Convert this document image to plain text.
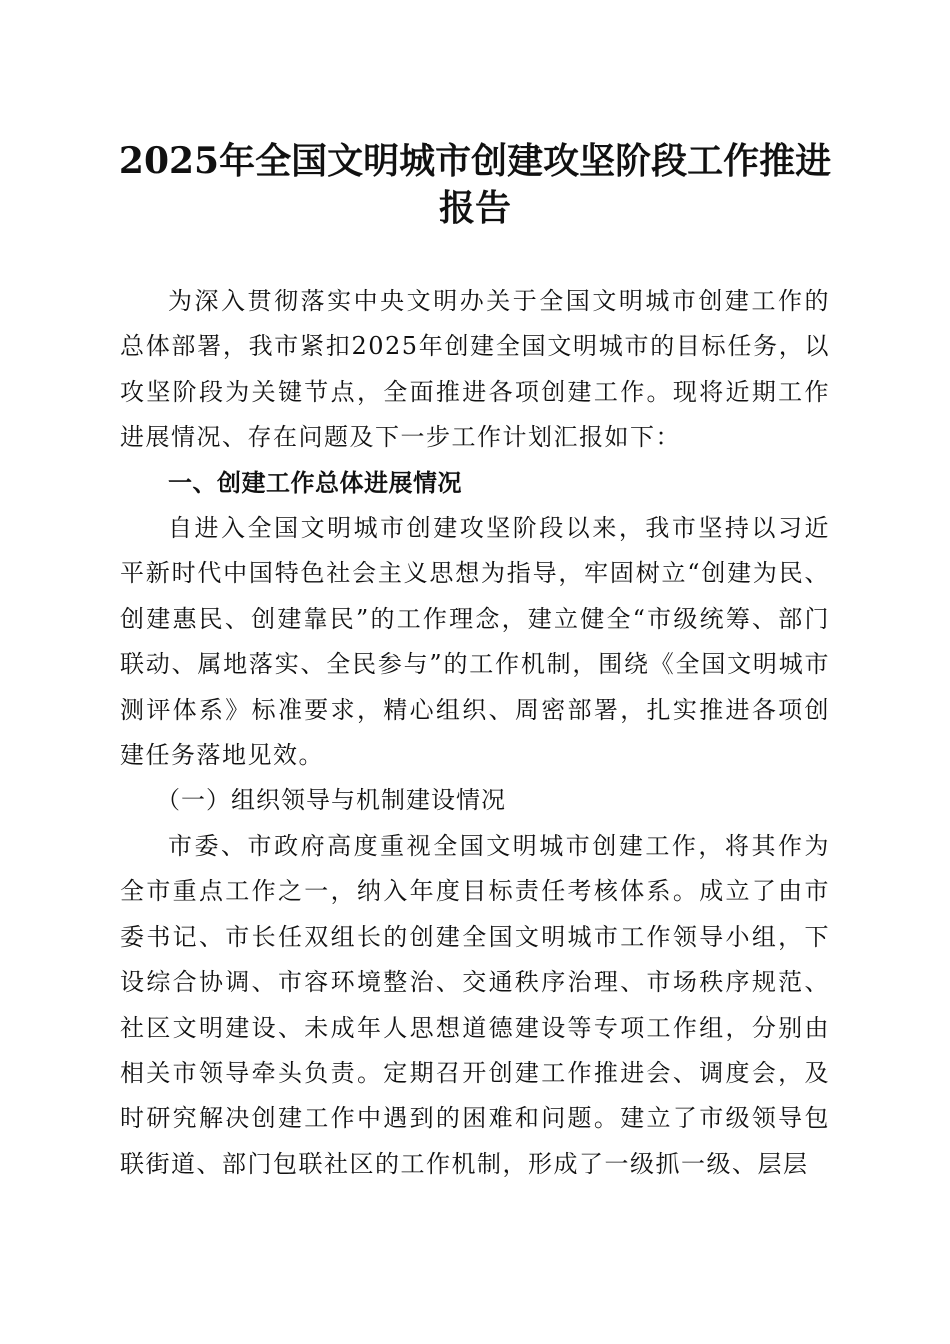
2025年全国文明城市创建攻坚阶段工作推进
报告

为深入贯彻落实中央文明办关于全国文明城市创建工作的总体部署，我市紧扣2025年创建全国文明城市的目标任务，以攻坚阶段为关键节点，全面推进各项创建工作。现将近期工作进展情况、存在问题及下一步工作计划汇报如下：

一、创建工作总体进展情况

自进入全国文明城市创建攻坚阶段以来，我市坚持以习近平新时代中国特色社会主义思想为指导，牢固树立“创建为民、创建惠民、创建靠民”的工作理念，建立健全“市级统筹、部门联动、属地落实、全民参与”的工作机制，围绕《全国文明城市测评体系》标准要求，精心组织、周密部署，扎实推进各项创建任务落地见效。

（一）组织领导与机制建设情况

市委、市政府高度重视全国文明城市创建工作，将其作为全市重点工作之一，纳入年度目标责任考核体系。成立了由市委书记、市长任双组长的创建全国文明城市工作领导小组，下设综合协调、市容环境整治、交通秩序治理、市场秩序规范、社区文明建设、未成年人思想道德建设等专项工作组，分别由相关市领导牵头负责。定期召开创建工作推进会、调度会，及时研究解决创建工作中遇到的困难和问题。建立了市级领导包联街道、部门包联社区的工作机制，形成了一级抓一级、层层
